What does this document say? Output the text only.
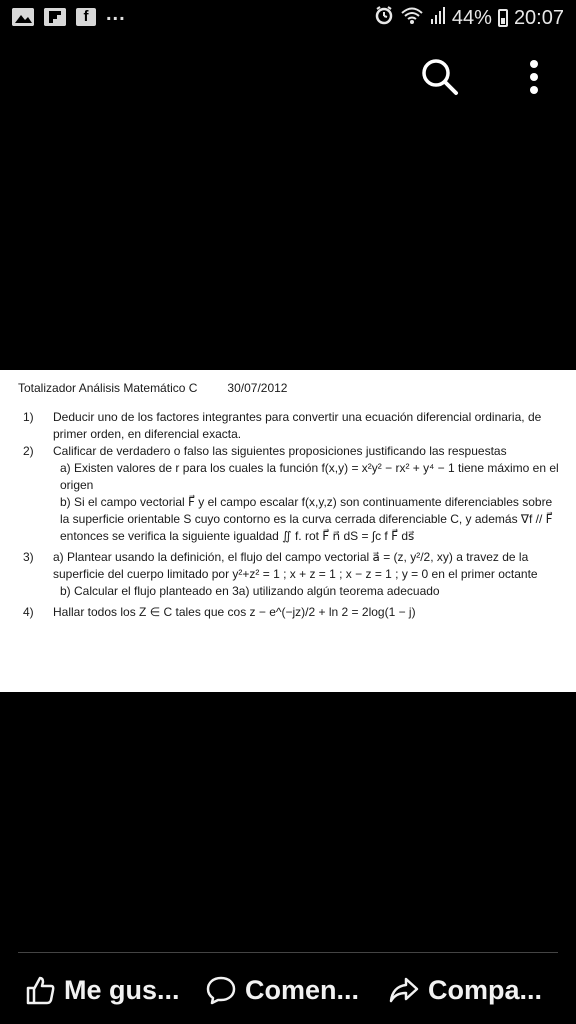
f ...	44% 20:07
Totalizador Análisis Matemático C	30/07/2012
1)	Deducir uno de los factores integrantes para convertir una ecuación diferencial ordinaria, de primer orden, en diferencial exacta.
2)	Calificar de verdadero o falso las siguientes proposiciones justificando las respuestas
a) Existen valores de r para los cuales la función f(x,y) = x²y² − rx² + y⁴ − 1 tiene máximo en el origen
b) Si el campo vectorial F⃗ y el campo escalar f(x,y,z) son continuamente diferenciables sobre la superficie orientable S cuyo contorno es la curva cerrada diferenciable C, y además ∇f // F⃗ entonces se verifica la siguiente igualdad ∬ f. rot F⃗ n⃗ dS = ∫c f F⃗ ds⃗
3)	a) Plantear usando la definición, el flujo del campo vectorial a⃗ = (z, y²/2, xy) a travez de la superficie del cuerpo limitado por y²+z² = 1 ; x + z = 1 ; x − z = 1 ; y = 0 en el primer octante
b) Calcular el flujo planteado en 3a) utilizando algún teorema adecuado
4)	Hallar todos los Z ∈ C tales que cos z − e^(−jz)/2 + ln 2 = 2log(1 − j)
Me gus... Comen...	Compa...
